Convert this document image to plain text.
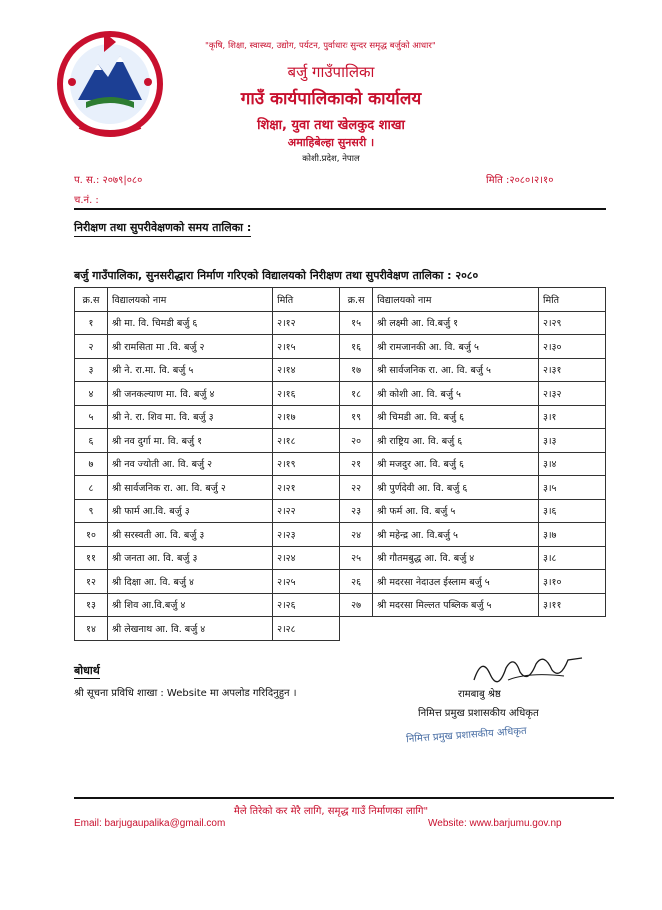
"कृषि, शिक्षा, स्वास्थ्य, उद्योग, पर्यटन, पुर्वाधारः सुन्दर समृद्ध बर्जुको आधार"
बर्जु गाउँपालिका
गाउँ कार्यपालिकाको कार्यालय
शिक्षा, युवा तथा खेलकुद शाखा
अमाहिबेल्हा सुनसरी ।
कोशी.प्रदेश, नेपाल
प. स.: २०७९|०८०
च.नं. :
मिति :२०८०।२।१०
निरीक्षण तथा सुपरीवेक्षणको समय तालिका :
बर्जु गाउँपालिका, सुनसरीद्धारा निर्माण गरिएको विद्यालयको निरीक्षण तथा सुपरीवेक्षण तालिका : २०८०
क्र.स	विद्यालयको नाम	मिति	क्र.स	विद्यालयको नाम	मिति
१	श्री मा. वि. चिमडी बर्जु ६	२।१२	१५	श्री लक्ष्मी आ. वि.बर्जु १	२।२९
२	श्री रामसिता मा .वि. बर्जु २	२।१५	१६	श्री रामजानकी आ. वि. बर्जु ५	२।३०
३	श्री ने. रा.मा. वि. बर्जु ५	२।१४	१७	श्री सार्वजनिक रा. आ. वि. बर्जु ५	२।३१
४	श्री जनकल्याण मा. वि. बर्जु ४	२।१६	१८	श्री कोशी आ. वि. बर्जु ५	२।३२
५	श्री ने. रा. शिव मा. वि. बर्जु ३	२।१७	१९	श्री चिमडी आ. वि. बर्जु ६	३।१
६	श्री नव दुर्गा मा. वि. बर्जु १	२।१८	२०	श्री राष्ट्रिय आ. वि. बर्जु ६	३।३
७	श्री नव ज्योती आ. वि. बर्जु २	२।१९	२१	श्री मजदुर आ. वि. बर्जु ६	३।४
८	श्री सार्वजनिक रा. आ. वि. बर्जु २	२।२१	२२	श्री पुर्णदेवी आ. वि. बर्जु ६	३।५
९	श्री फार्म आ.वि. बर्जु ३	२।२२	२३	श्री फर्म आ. वि. बर्जु ५	३।६
१०	श्री सरस्वती आ. वि. बर्जु ३	२।२३	२४	श्री महेन्द्र आ. वि.बर्जु ५	३।७
११	श्री जनता आ. वि. बर्जु ३	२।२४	२५	श्री गौतमबुद्ध आ. वि. बर्जु ४	३।८
१२	श्री दिक्षा आ. वि. बर्जु ४	२।२५	२६	श्री मदरसा नेदाउल ईस्लाम बर्जु ५	३।१०
१३	श्री शिव आ.वि.बर्जु ४	२।२६	२७	श्री मदरसा मिल्लत पब्लिक बर्जु ५	३।११
१४	श्री लेखनाथ आ. वि. बर्जु ४	२।२८			
बोधार्थ
श्री सूचना प्रविधि शाखा : Website मा अपलोड गरिदिनुहुन ।	रामबाबु श्रेष्ठ
निमित्त प्रमुख प्रशासकीय अधिकृत
निमित्त प्रमुख प्रशासकीय अधिकृत
मैले तिरेको कर मेरै लागि, समृद्ध गाउँ निर्माणका लागि"
Email: barjugaupalika@gmail.com	Website: www.barjumu.gov.np
